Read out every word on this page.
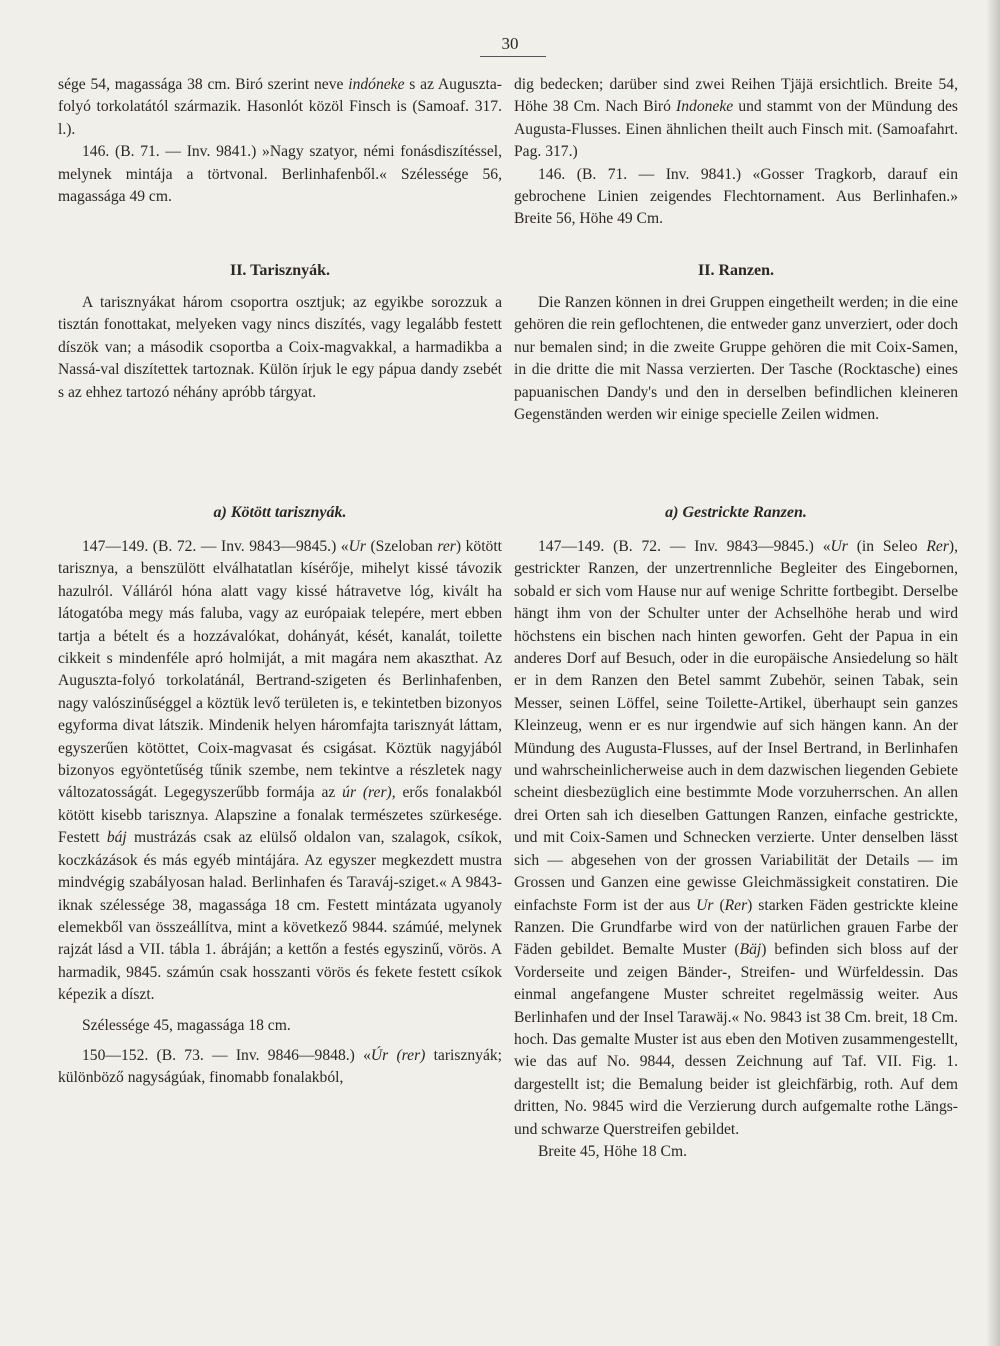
30

sége 54, magassága 38 cm. Biró szerint neve indóneke s az Auguszta-folyó torkolatától származik. Hasonlót közöl Finsch is (Samoaf. 317. l.).

146. (B. 71. — Inv. 9841.) »Nagy szatyor, némi fonásdiszítéssel, melynek mintája a törtvonal. Berlinhafenből.« Szélessége 56, magassága 49 cm.

II. Tarisznyák.

A tarisznyákat három csoportra osztjuk; az egyikbe sorozzuk a tisztán fonottakat, melyeken vagy nincs diszítés, vagy legalább festett díszök van; a második csoportba a Coix-magvakkal, a harmadikba a Nassá-val diszítettek tartoznak. Külön írjuk le egy pápua dandy zsebét s az ehhez tartozó néhány apróbb tárgyat.

a) Kötött tarisznyák.

147—149. (B. 72. — Inv. 9843—9845.) «Ur (Szeloban rer) kötött tarisznya, a benszülött elválhatatlan kísérője, mihelyt kissé távozik hazulról. Válláról hóna alatt vagy kissé hátravetve lóg, kivált ha látogatóba megy más faluba, vagy az európaiak telepére, mert ebben tartja a bételt és a hozzávalókat, dohányát, kését, kanalát, toilette cikkeit s mindenféle apró holmiját, a mit magára nem akaszthat. Az Auguszta-folyó torkolatánál, Bertrand-szigeten és Berlinhafenben, nagy valószinűséggel a köztük levő területen is, e tekintetben bizonyos egyforma divat látszik. Mindenik helyen háromfajta tarisznyát láttam, egyszerűen kötöttet, Coix-magvasat és csigásat. Köztük nagyjából bizonyos egyöntetűség tűnik szembe, nem tekintve a részletek nagy változatosságát. Legegyszerűbb formája az úr (rer), erős fonalakból kötött kisebb tarisznya. Alapszine a fonalak természetes szürkesége. Festett báj mustrázás csak az elülső oldalon van, szalagok, csíkok, koczkázások és más egyéb mintájára. Az egyszer megkezdett mustra mindvégig szabályosan halad. Berlinhafen és Taraváj-sziget.« A 9843-iknak szélessége 38, magassága 18 cm. Festett mintázata ugyanoly elemekből van összeállítva, mint a következő 9844. számúé, melynek rajzát lásd a VII. tábla 1. ábráján; a kettőn a festés egyszinű, vörös. A harmadik, 9845. számún csak hosszanti vörös és fekete festett csíkok képezik a díszt.

Szélessége 45, magassága 18 cm.

150—152. (B. 73. — Inv. 9846—9848.) «Úr (rer) tarisznyák; különböző nagyságúak, finomabb fonalakból,

dig bedecken; darüber sind zwei Reihen Tjäjä ersichtlich. Breite 54, Höhe 38 Cm. Nach Biró Indoneke und stammt von der Mündung des Augusta-Flusses. Einen ähnlichen theilt auch Finsch mit. (Samoafahrt. Pag. 317.)

146. (B. 71. — Inv. 9841.) «Gosser Tragkorb, darauf ein gebrochene Linien zeigendes Flechtornament. Aus Berlinhafen.» Breite 56, Höhe 49 Cm.

II. Ranzen.

Die Ranzen können in drei Gruppen eingetheilt werden; in die eine gehören die rein geflochtenen, die entweder ganz unverziert, oder doch nur bemalen sind; in die zweite Gruppe gehören die mit Coix-Samen, in die dritte die mit Nassa verzierten. Der Tasche (Rocktasche) eines papuanischen Dandy's und den in derselben befindlichen kleineren Gegenständen werden wir einige specielle Zeilen widmen.

a) Gestrickte Ranzen.

147—149. (B. 72. — Inv. 9843—9845.) «Ur (in Seleo Rer), gestrickter Ranzen, der unzertrennliche Begleiter des Eingebornen, sobald er sich vom Hause nur auf wenige Schritte fortbegibt. Derselbe hängt ihm von der Schulter unter der Achselhöhe herab und wird höchstens ein bischen nach hinten geworfen. Geht der Papua in ein anderes Dorf auf Besuch, oder in die europäische Ansiedelung so hält er in dem Ranzen den Betel sammt Zubehör, seinen Tabak, sein Messer, seinen Löffel, seine Toilette-Artikel, überhaupt sein ganzes Kleinzeug, wenn er es nur irgendwie auf sich hängen kann. An der Mündung des Augusta-Flusses, auf der Insel Bertrand, in Berlinhafen und wahrscheinlicherweise auch in dem dazwischen liegenden Gebiete scheint diesbezüglich eine bestimmte Mode vorzuherrschen. An allen drei Orten sah ich dieselben Gattungen Ranzen, einfache gestrickte, und mit Coix-Samen und Schnecken verzierte. Unter denselben lässt sich — abgesehen von der grossen Variabilität der Details — im Grossen und Ganzen eine gewisse Gleichmässigkeit constatiren. Die einfachste Form ist der aus Ur (Rer) starken Fäden gestrickte kleine Ranzen. Die Grundfarbe wird von der natürlichen grauen Farbe der Fäden gebildet. Bemalte Muster (Bäj) befinden sich bloss auf der Vorderseite und zeigen Bänder-, Streifen- und Würfeldessin. Das einmal angefangene Muster schreitet regelmässig weiter. Aus Berlinhafen und der Insel Tarawäj.« No. 9843 ist 38 Cm. breit, 18 Cm. hoch. Das gemalte Muster ist aus eben den Motiven zusammengestellt, wie das auf No. 9844, dessen Zeichnung auf Taf. VII. Fig. 1. dargestellt ist; die Bemalung beider ist gleichfärbig, roth. Auf dem dritten, No. 9845 wird die Verzierung durch aufgemalte rothe Längs- und schwarze Querstreifen gebildet.

Breite 45, Höhe 18 Cm.
